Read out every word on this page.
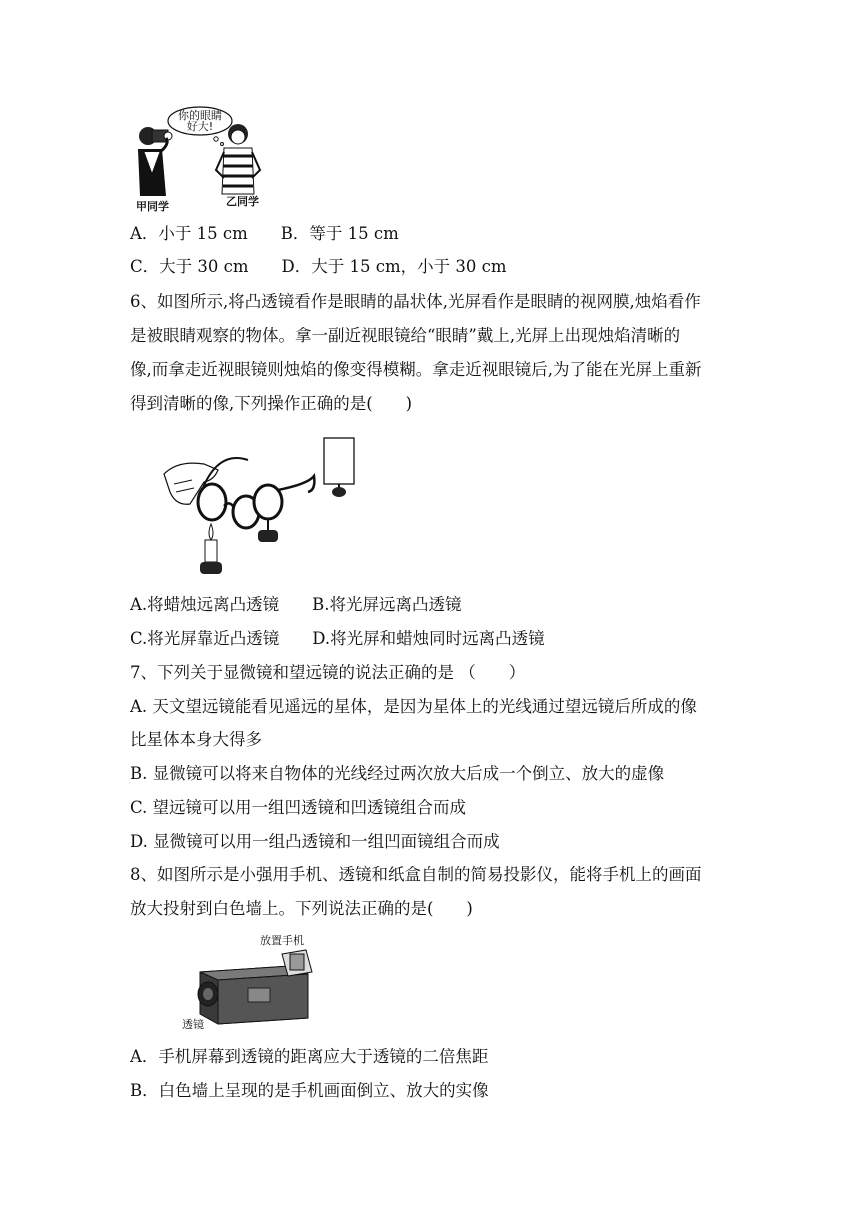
你的眼睛
好大!
甲同学	乙同学
A．小于 15 cm　　B．等于 15 cm
C．大于 30 cm　　D．大于 15 cm，小于 30 cm
6、如图所示,将凸透镜看作是眼睛的晶状体,光屏看作是眼睛的视网膜,烛焰看作
是被眼睛观察的物体。拿一副近视眼镜给“眼睛”戴上,光屏上出现烛焰清晰的
像,而拿走近视眼镜则烛焰的像变得模糊。拿走近视眼镜后,为了能在光屏上重新
得到清晰的像,下列操作正确的是(　　)
A.将蜡烛远离凸透镜　　B.将光屏远离凸透镜
C.将光屏靠近凸透镜　　D.将光屏和蜡烛同时远离凸透镜
7、下列关于显微镜和望远镜的说法正确的是 （　　）
A. 天文望远镜能看见遥远的星体，是因为星体上的光线通过望远镜后所成的像
比星体本身大得多
B. 显微镜可以将来自物体的光线经过两次放大后成一个倒立、放大的虚像
C. 望远镜可以用一组凹透镜和凹透镜组合而成
D. 显微镜可以用一组凸透镜和一组凹面镜组合而成
8、如图所示是小强用手机、透镜和纸盒自制的简易投影仪，能将手机上的画面
放大投射到白色墙上。下列说法正确的是(　　)
放置手机
透镜
A．手机屏幕到透镜的距离应大于透镜的二倍焦距
B．白色墙上呈现的是手机画面倒立、放大的实像
